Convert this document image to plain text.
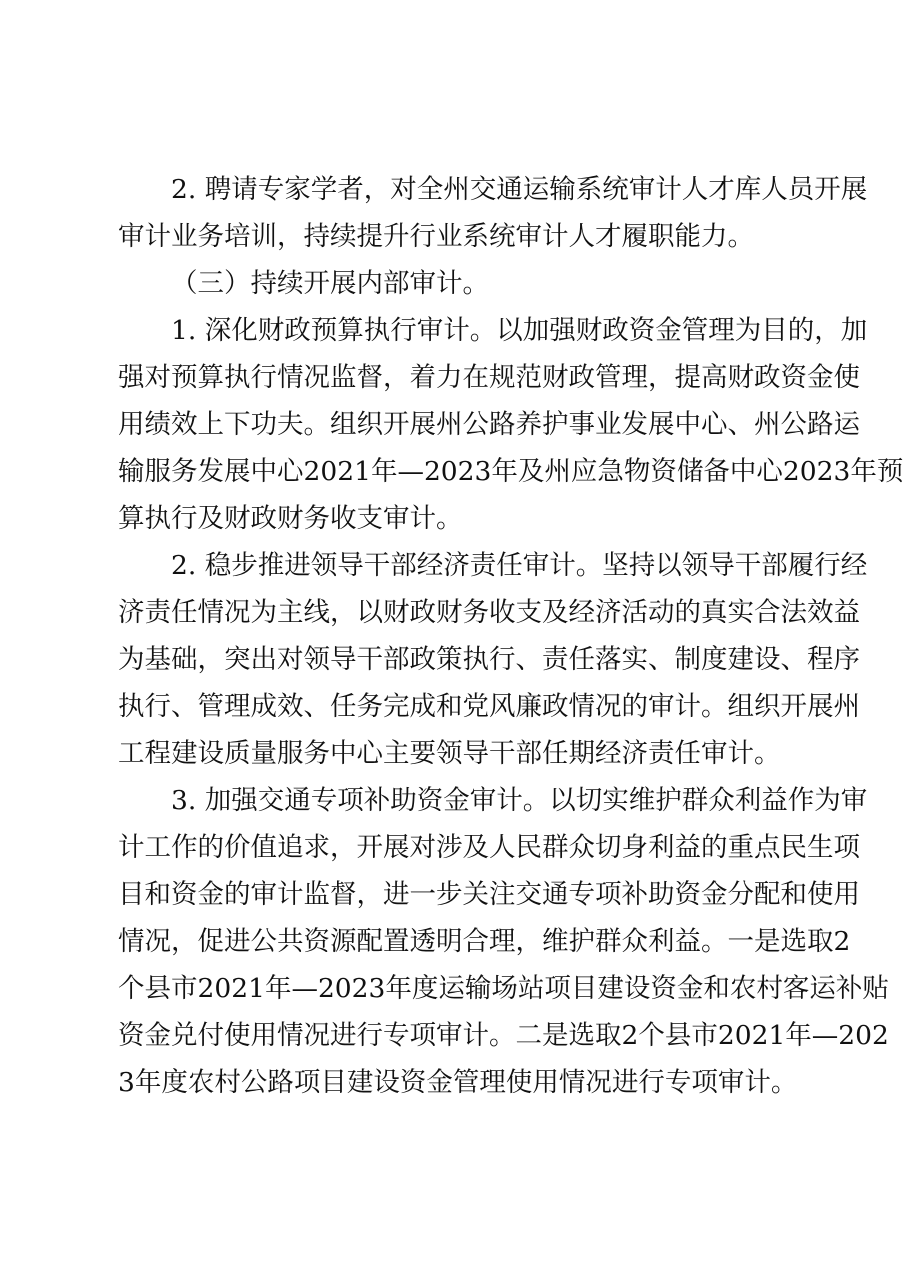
2. 聘请专家学者，对全州交通运输系统审计人才库人员开展
审计业务培训，持续提升行业系统审计人才履职能力。
（三）持续开展内部审计。
1. 深化财政预算执行审计。以加强财政资金管理为目的，加
强对预算执行情况监督，着力在规范财政管理，提高财政资金使
用绩效上下功夫。组织开展州公路养护事业发展中心、州公路运
输服务发展中心2021年—2023年及州应急物资储备中心2023年预
算执行及财政财务收支审计。
2. 稳步推进领导干部经济责任审计。坚持以领导干部履行经
济责任情况为主线，以财政财务收支及经济活动的真实合法效益
为基础，突出对领导干部政策执行、责任落实、制度建设、程序
执行、管理成效、任务完成和党风廉政情况的审计。组织开展州
工程建设质量服务中心主要领导干部任期经济责任审计。
3. 加强交通专项补助资金审计。以切实维护群众利益作为审
计工作的价值追求，开展对涉及人民群众切身利益的重点民生项
目和资金的审计监督，进一步关注交通专项补助资金分配和使用
情况，促进公共资源配置透明合理，维护群众利益。一是选取2
个县市2021年—2023年度运输场站项目建设资金和农村客运补贴
资金兑付使用情况进行专项审计。二是选取2个县市2021年—202
3年度农村公路项目建设资金管理使用情况进行专项审计。
